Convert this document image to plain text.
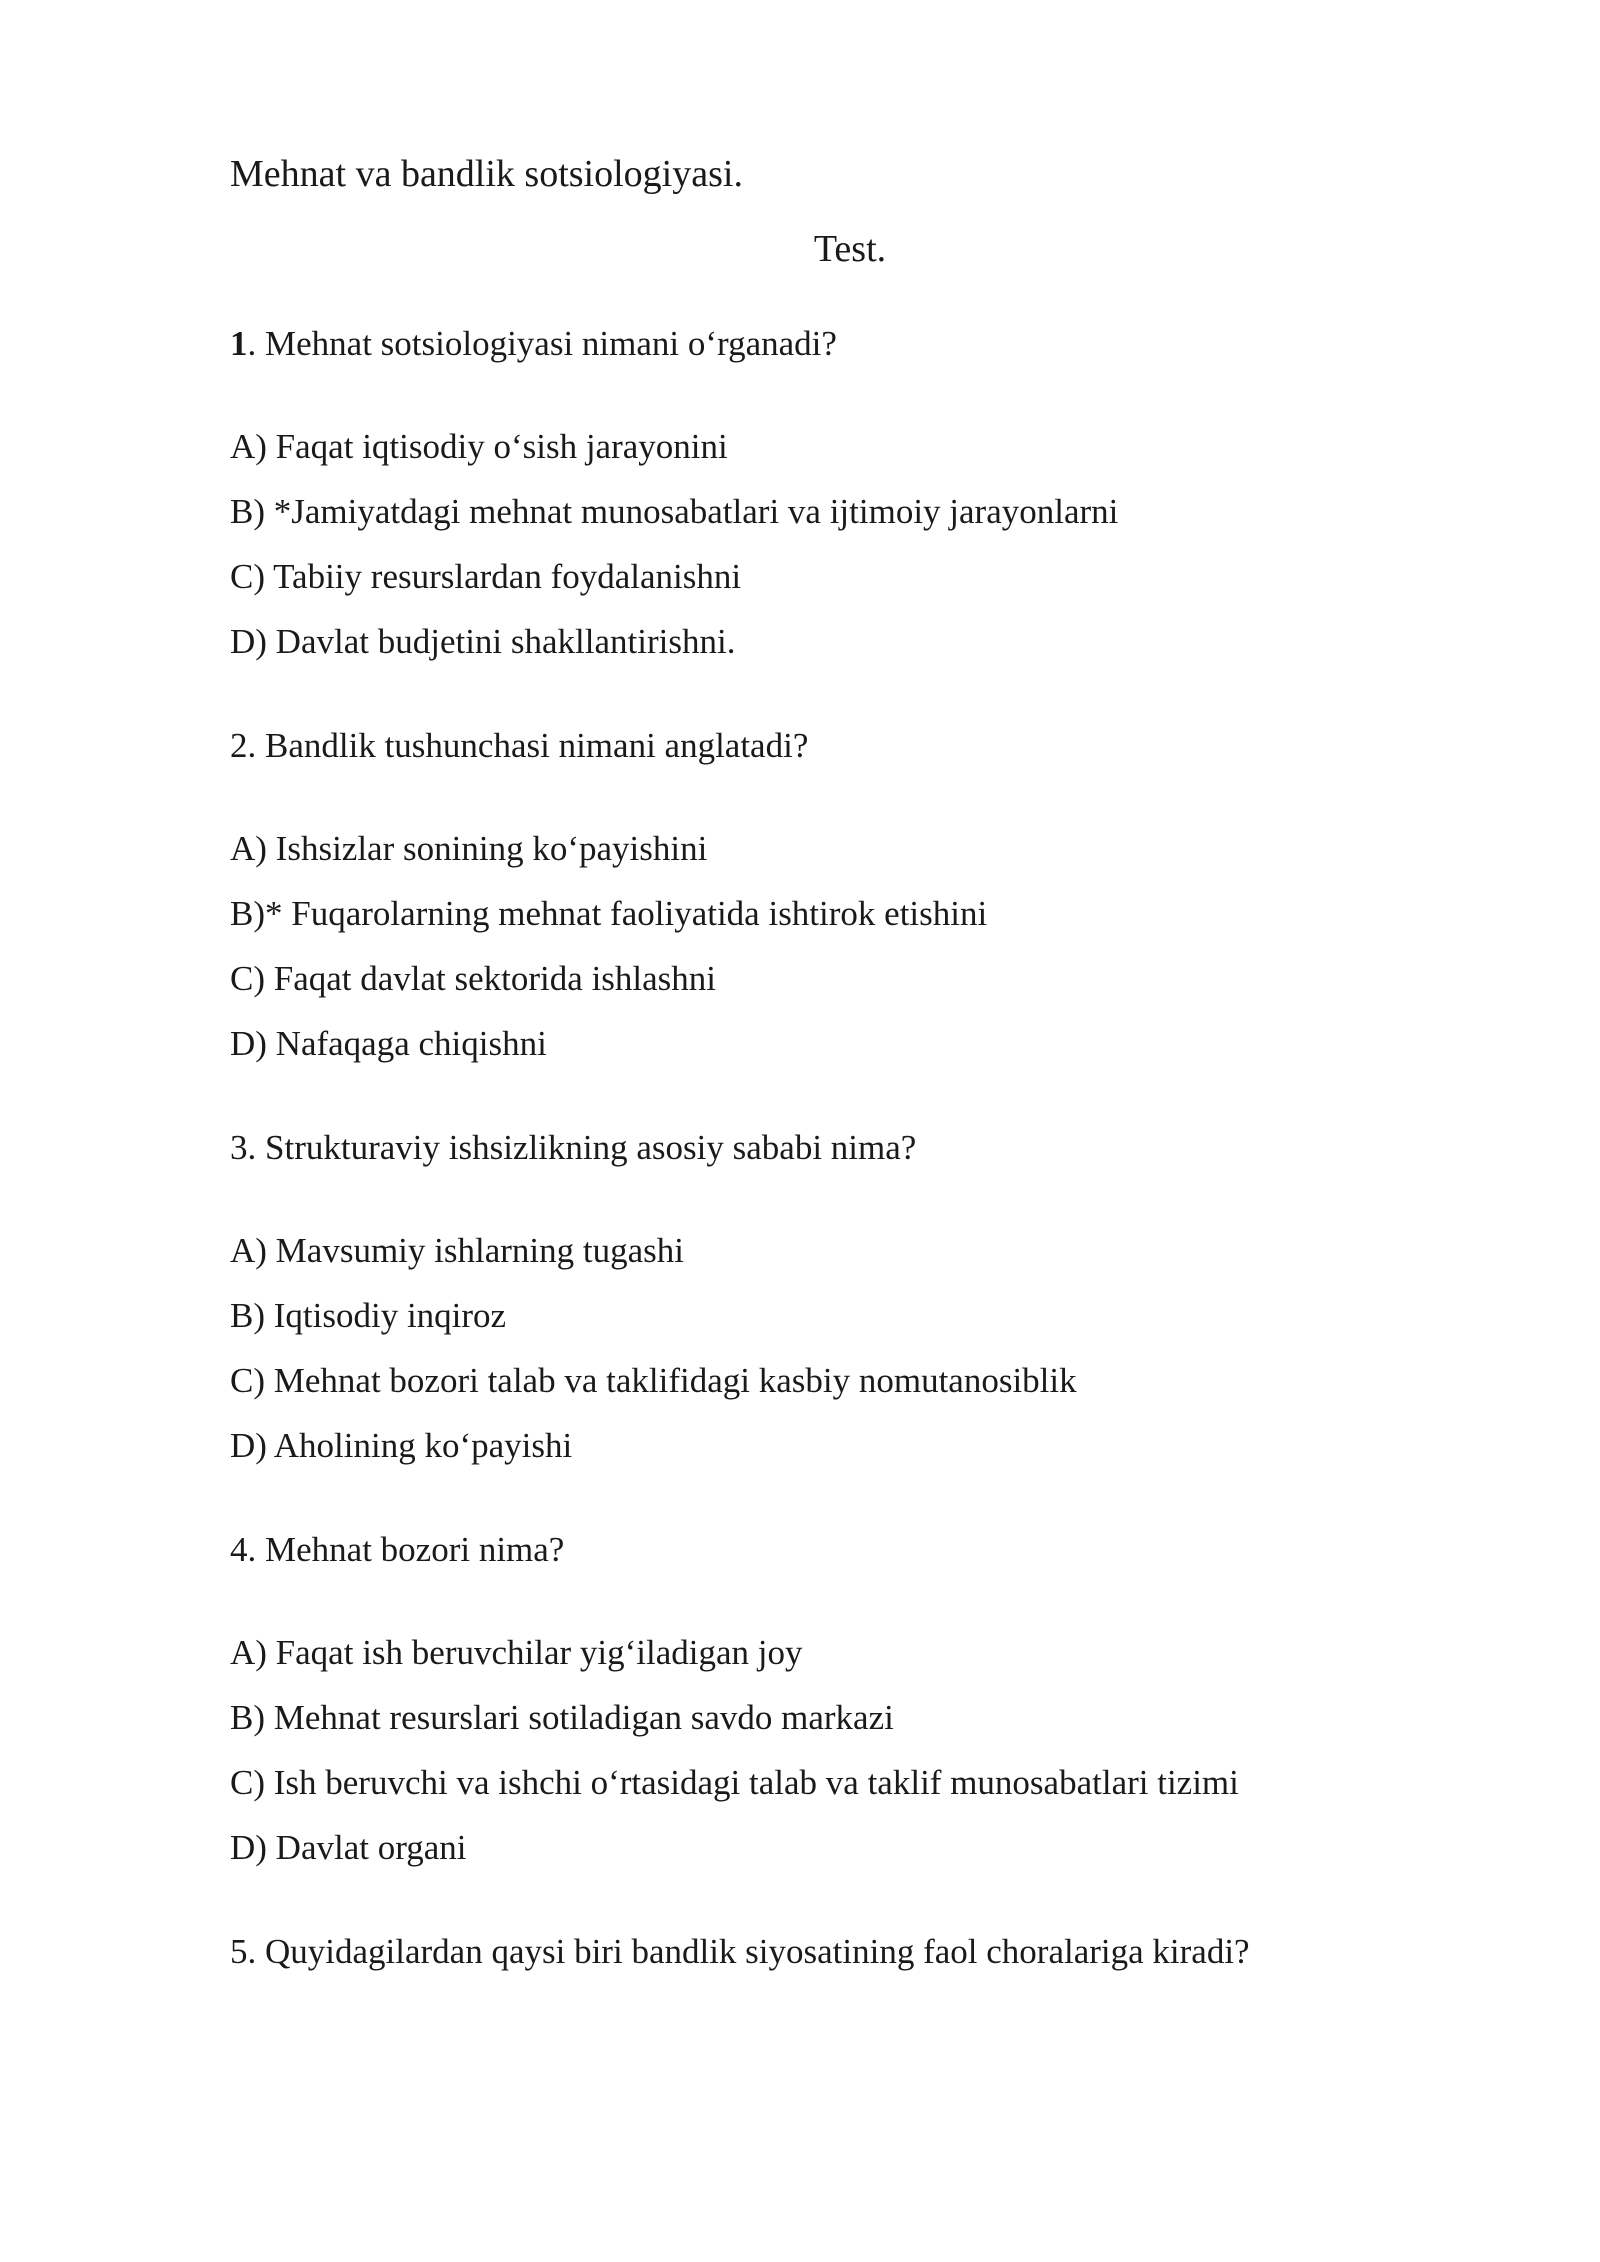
Mehnat va bandlik sotsiologiyasi.
Test.
1. Mehnat sotsiologiyasi nimani o‘rganadi?
A) Faqat iqtisodiy o‘sish jarayonini
B) *Jamiyatdagi mehnat munosabatlari va ijtimoiy jarayonlarni
C) Tabiiy resurslardan foydalanishni
D) Davlat budjetini shakllantirishni.
2. Bandlik tushunchasi nimani anglatadi?
A) Ishsizlar sonining ko‘payishini
B)* Fuqarolarning mehnat faoliyatida ishtirok etishini
C) Faqat davlat sektorida ishlashni
D) Nafaqaga chiqishni
3. Strukturaviy ishsizlikning asosiy sababi nima?
A) Mavsumiy ishlarning tugashi
B) Iqtisodiy inqiroz
C) Mehnat bozori talab va taklifidagi kasbiy nomutanosiblik
D) Aholining ko‘payishi
4. Mehnat bozori nima?
A) Faqat ish beruvchilar yig‘iladigan joy
B) Mehnat resurslari sotiladigan savdo markazi
C) Ish beruvchi va ishchi o‘rtasidagi talab va taklif munosabatlari tizimi
D) Davlat organi
5. Quyidagilardan qaysi biri bandlik siyosatining faol choralariga kiradi?
